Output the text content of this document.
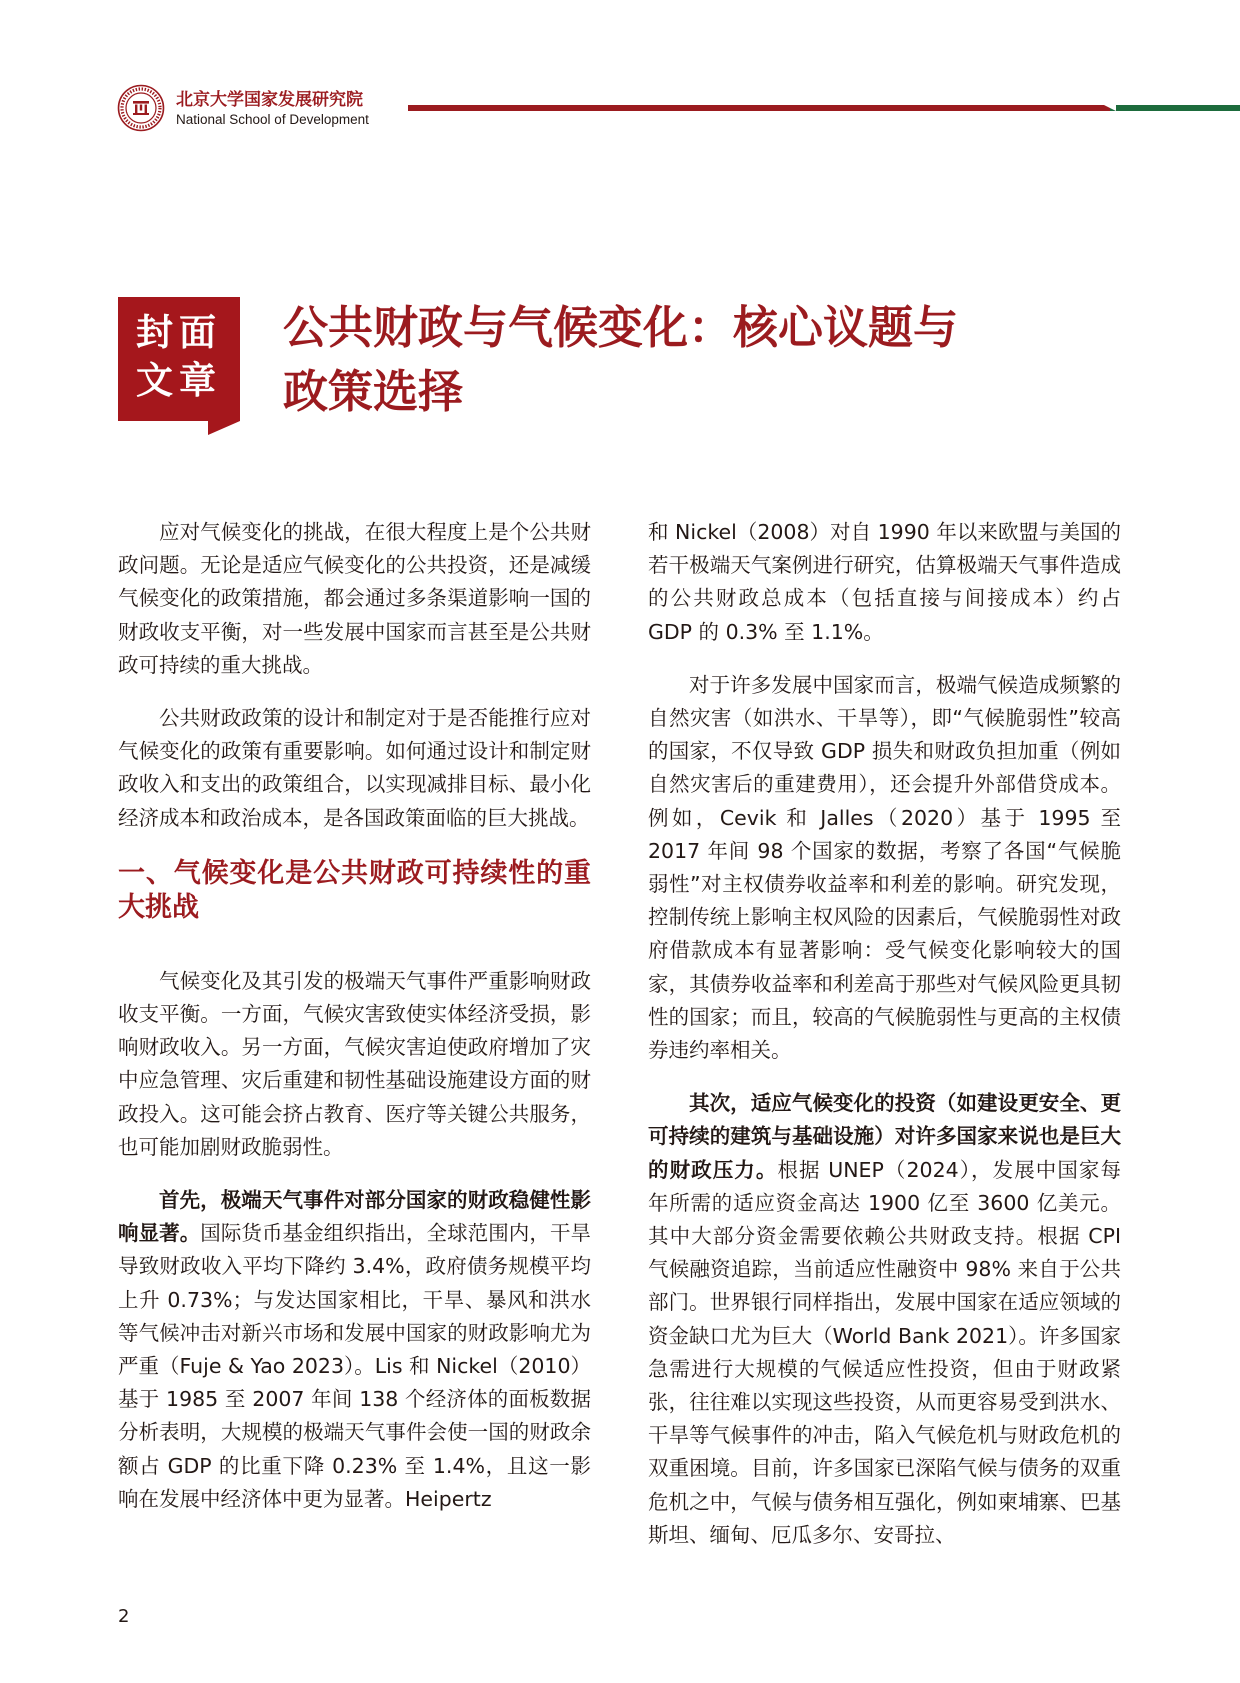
北京大学国家发展研究院
National School of Development
封面
文章
公共财政与气候变化：核心议题与
政策选择

应对气候变化的挑战，在很大程度上是个公共财政问题。无论是适应气候变化的公共投资，还是减缓气候变化的政策措施，都会通过多条渠道影响一国的财政收支平衡，对一些发展中国家而言甚至是公共财政可持续的重大挑战。

公共财政政策的设计和制定对于是否能推行应对气候变化的政策有重要影响。如何通过设计和制定财政收入和支出的政策组合，以实现减排目标、最小化经济成本和政治成本，是各国政策面临的巨大挑战。

一、气候变化是公共财政可持续性的重大挑战

气候变化及其引发的极端天气事件严重影响财政收支平衡。一方面，气候灾害致使实体经济受损，影响财政收入。另一方面，气候灾害迫使政府增加了灾中应急管理、灾后重建和韧性基础设施建设方面的财政投入。这可能会挤占教育、医疗等关键公共服务，也可能加剧财政脆弱性。

首先，极端天气事件对部分国家的财政稳健性影响显著。国际货币基金组织指出，全球范围内，干旱导致财政收入平均下降约 3.4%，政府债务规模平均上升 0.73%；与发达国家相比，干旱、暴风和洪水等气候冲击对新兴市场和发展中国家的财政影响尤为严重（Fuje & Yao 2023）。Lis 和 Nickel（2010）基于 1985 至 2007 年间 138 个经济体的面板数据分析表明，大规模的极端天气事件会使一国的财政余额占 GDP 的比重下降 0.23% 至 1.4%，且这一影响在发展中经济体中更为显著。Heipertz

和 Nickel（2008）对自 1990 年以来欧盟与美国的若干极端天气案例进行研究，估算极端天气事件造成的公共财政总成本（包括直接与间接成本）约占 GDP 的 0.3% 至 1.1%。

对于许多发展中国家而言，极端气候造成频繁的自然灾害（如洪水、干旱等），即“气候脆弱性”较高的国家，不仅导致 GDP 损失和财政负担加重（例如自然灾害后的重建费用），还会提升外部借贷成本。例如，Cevik 和 Jalles（2020）基于 1995 至 2017 年间 98 个国家的数据，考察了各国“气候脆弱性”对主权债券收益率和利差的影响。研究发现，控制传统上影响主权风险的因素后，气候脆弱性对政府借款成本有显著影响：受气候变化影响较大的国家，其债券收益率和利差高于那些对气候风险更具韧性的国家；而且，较高的气候脆弱性与更高的主权债券违约率相关。

其次，适应气候变化的投资（如建设更安全、更可持续的建筑与基础设施）对许多国家来说也是巨大的财政压力。根据 UNEP（2024），发展中国家每年所需的适应资金高达 1900 亿至 3600 亿美元。其中大部分资金需要依赖公共财政支持。根据 CPI 气候融资追踪，当前适应性融资中 98% 来自于公共部门。世界银行同样指出，发展中国家在适应领域的资金缺口尤为巨大（World Bank 2021）。许多国家急需进行大规模的气候适应性投资，但由于财政紧张，往往难以实现这些投资，从而更容易受到洪水、干旱等气候事件的冲击，陷入气候危机与财政危机的双重困境。目前，许多国家已深陷气候与债务的双重危机之中，气候与债务相互强化，例如柬埔寨、巴基斯坦、缅甸、厄瓜多尔、安哥拉、

2
